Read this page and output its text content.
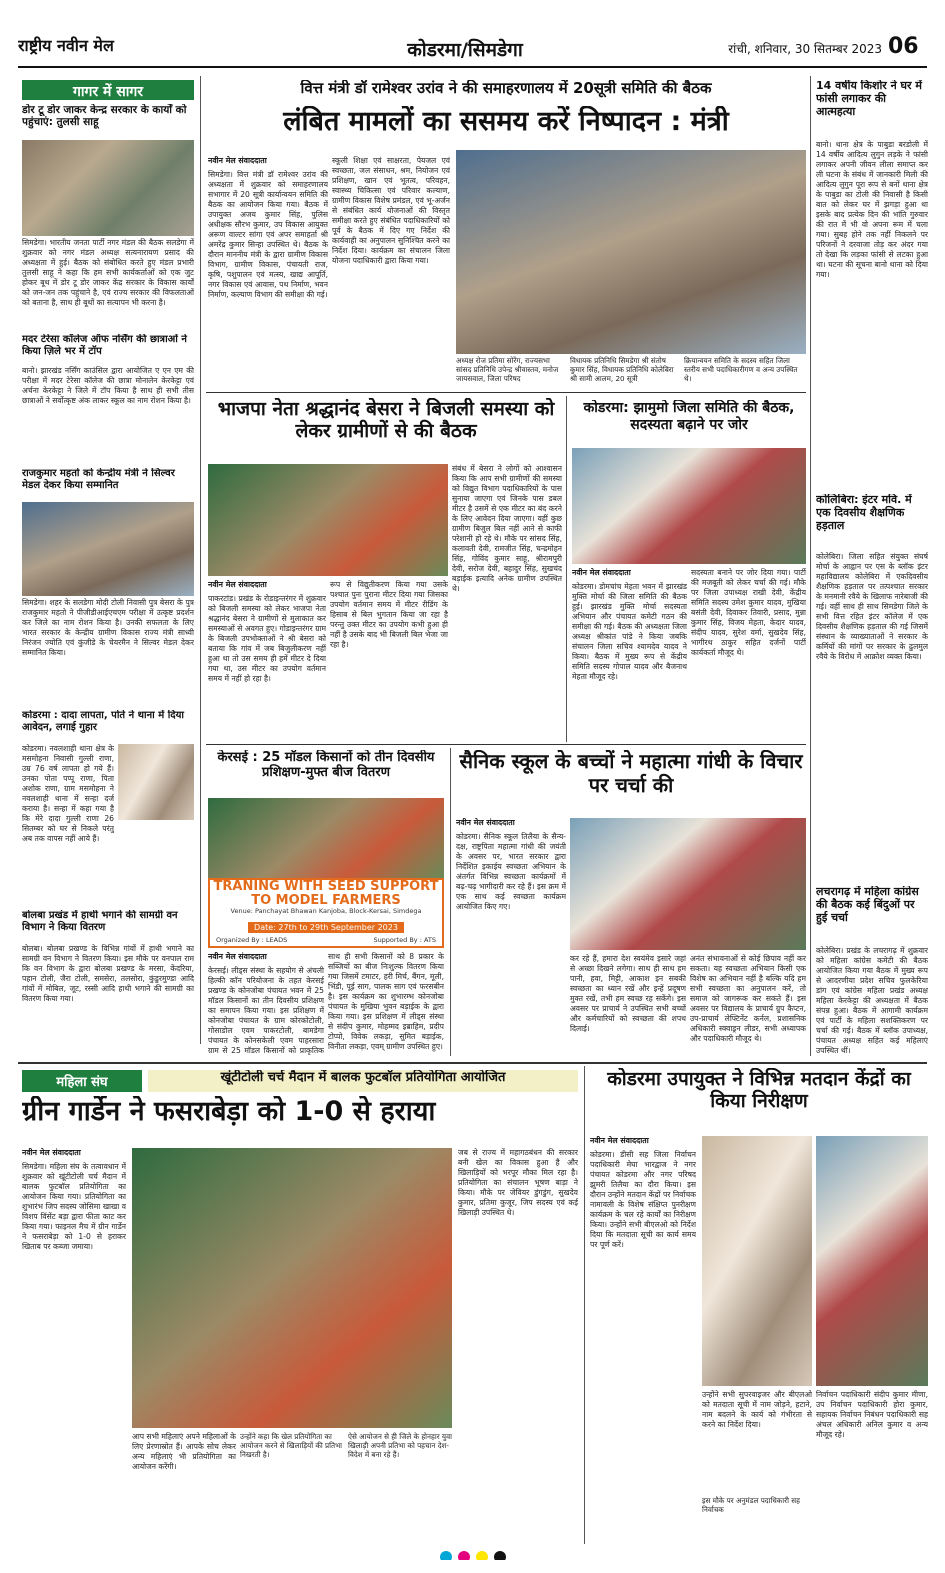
राष्ट्रीय नवीन मेल	कोडरमा/सिमडेगा	रांची, शनिवार, 30 सितम्बर 2023 06
गागर में सागर
डोर टू डोर जाकर केन्द्र सरकार के कार्यों को पहुंचाएं: तुलसी साहू
सिमडेगा। भारतीय जनता पार्टी नगर मंडल की बैठक सलडेगा में शुक्रवार को नगर मंडल अध्यक्ष सत्यनारायण प्रसाद की अध्यक्षता में हुई। बैठक को संबोधित करते हुए मंडल प्रभारी तुलसी साहू ने कहा कि हम सभी कार्यकर्ताओं को एक जुट होकर बूथ में डोर टू डोर जाकर केंद्र सरकार के विकास कार्यों को जन-जन तक पहुंचाने है, एवं राज्य सरकार की विफलताओं को बताना है, साथ ही बूथों का सत्यापन भी करना है।
मदर टेरेसा कॉलेज ऑफ नर्सिंग की छात्राओं ने किया ज़िले भर में टॉप
बानो। झारखंड नर्सिंग काउंसिल द्वारा आयोजित ए एन एम की परीक्षा में मदर टेरेसा कॉलेज की छात्रा मोनालेन केरकेट्टा एवं अर्चना केरकेट्टा ने जिले में टॉप किया है साथ ही सभी तीस छात्राओं ने सर्वोत्कृष्ट अंक लाकर स्कूल का नाम रोशन किया है।
राजकुमार महतो को केन्द्रीय मंत्री ने सिल्वर मेडल देकर किया सम्मानित
सिमडेगा। शहर के सलडेगा मोदी टोली निवासी पुत्र बेसरा के पुत्र राजकुमार महतो ने पीजीडीआईएचएम परीक्षा में उत्कृष्ट प्रदर्शन कर जिले का नाम रोशन किया है। उनकी सफलता के लिए भारत सरकार के केन्द्रीय ग्रामीण विकास राज्य मंत्री साध्वी निरंजन ज्योति एवं कुंजीडे के चेयरमैन ने सिल्वर मेडल देकर सम्मानित किया।
कोडरमा : दादा लापता, पोते ने थाना में दिया आवेदन, लगाई गुहार
कोडरमा। नवलशाही थाना क्षेत्र के मसमोहना निवासी गुल्ली राणा, उम्र 76 वर्ष लापता हो गये हैं। उनका पोता पप्पू राणा, पिता अशोक राणा, ग्राम मसमोहना ने नवलशाही थाना में सन्हा दर्ज कराया है। सन्हा में कहा गया है कि मेरे दादा गुल्ली राणा 26 सितम्बर को घर से निकले परंतु अब तक वापस नहीं आये हैं।
बोलबा प्रखंड में हाथी भगाने की सामग्री वन विभाग ने किया वितरण
बोलबा। बोलबा प्रखण्ड के विभिन्न गांवों में हाथी भगाने का सामग्री वन विभाग ने वितरण किया। इस मौके पर वनपाल राम कि वन विभाग के द्वारा बोलबा प्रखण्ड के मरसा, केंदरिया, पहान टोली, जैरा टोली, समसेरा, तलसोरा, कुंडुरमुण्डा आदि गांवों में मोबिल, जूट, रस्सी आदि हाथी भगाने की सामग्री का वितरण किया गया।
वित्त मंत्री डॉ रामेश्वर उरांव ने की समाहरणालय में 20सूत्री समिति की बैठक
लंबित मामलों का ससमय करें निष्पादन : मंत्री
नवीन मेल संवाददाता
सिमडेगा। वित्त मंत्री डॉ रामेश्वर उरांव की अध्यक्षता में शुक्रवार को समाहरणालय सभागार में 20 सूत्री कार्यान्वयन समिति की बैठक का आयोजन किया गया। बैठक में उपायुक्त अजय कुमार सिंह, पुलिस अधीक्षक सौरभ कुमार, उप विकास आयुक्त अरूण वाल्टर सांगा एवं अपर समाहर्ता श्री अमरेंद्र कुमार सिन्हा उपस्थित थे। बैठक के दौरान माननीय मंत्री के द्वारा ग्रामीण विकास विभाग, ग्रामीण विकास, पंचायती राज, कृषि, पशुपालन एवं मत्स्य, खाद्य आपूर्ति, नगर विकास एवं आवास, पथ निर्माण, भवन निर्माण, कल्याण विभाग की समीक्षा की गई।
स्कूली शिक्षा एवं साक्षरता, पेयजल एवं स्वच्छता, जल संसाधन, श्रम, नियोजन एवं प्रशिक्षण, खान एवं भूतत्व, परिवहन, स्वास्थ्य चिकित्सा एवं परिवार कल्याण, ग्रामीण विकास विशेष प्रमंडल, एवं भू-अर्जन से संबंधित कार्य योजनाओं की विस्तृत समीक्षा करते हुए संबंधित पदाधिकारियों को पूर्व के बैठक में दिए गए निर्देश की कार्यवाही का अनुपालन सुनिश्चित करने का निर्देश दिया। कार्यक्रम का संचालन जिला योजना पदाधिकारी द्वारा किया गया।
अध्यक्ष रोज प्रतिमा सोरेंग, राज्यसभा सांसद प्रतिनिधि उपेन्द्र श्रीवास्तव, मनोज जायसवाल, जिला परिषद
विधायक प्रतिनिधि सिमडेगा श्री संतोष कुमार सिंह, विधायक प्रतिनिधि कोलेबिरा श्री सामी आलम, 20 सूत्री
क्रियान्वयन समिति के सदस्य सहित जिला स्तरीय सभी पदाधिकारीगण व अन्य उपस्थित थे।
भाजपा नेता श्रद्धानंद बेसरा ने बिजली समस्या को लेकर ग्रामीणों से की बैठक
संबंध में बेसरा ने लोगों को आश्वासन किया कि आप सभी ग्रामीणों की समस्या को विद्युत विभाग पदाधिकारियों के पास सुनाया जाएगा एवं जिनके पास डबल मीटर है उसमें से एक मीटर का बंद करने के लिए आवेदन दिया जाएगा। वहीं कुछ ग्रामीण बिजुल बिल नहीं आने से काफी परेशानी हो रहे थे। मौके पर सांसद सिंह, कलावती देवी, रामजीत सिंह, चन्द्रमोहन सिंह, गोविंद कुमार साहू, श्रीरामपुरी देवी, सरोज देवी, बहादुर सिंह, सुखचंद बड़ाईक इत्यादि अनेक ग्रामीण उपस्थित थे।
नवीन मेल संवाददाता
पाकरटांड। प्रखंड के रोडाइन्तरंगर में शुक्रवार को बिजली समस्या को लेकर भाजपा नेता श्रद्धानंद बेसरा ने ग्रामीणों से मुलाकात कर समस्याओं से अवगत हुए। गोडाइन्तरंगर ग्राम के बिजली उपभोक्ताओं ने श्री बेसरा को बताया कि गांव में जब बिजुलीकरण नहीं हुआ था तो उस समय ही हमें मीटर दे दिया गया था, उस मीटर का उपयोग वर्तमान समय में नहीं हो रहा है।
रूप से विद्युतीकरण किया गया उसके पश्चात पुनः पुराना मीटर दिया गया जिसका उपयोग वर्तमान समय में मीटर रीडिंग के हिसाब से बिल भुगतान किया जा रहा है परन्तु उक्त मीटर का उपयोग कभी हुआ ही नहीं है उसके बाद भी बिजली बिल भेजा जा रहा है।
कोडरमा: झामुमो जिला समिति की बैठक, सदस्यता बढ़ाने पर जोर
नवीन मेल संवाददाता
कोडरमा। डोमचांच मेहता भवन में झारखंड मुक्ति मोर्चा की जिला समिति की बैठक हुई। झारखंड मुक्ति मोर्चा सदस्यता अभियान और पंचायत कमेटी गठन की समीक्षा की गई। बैठक की अध्यक्षता जिला अध्यक्ष श्रीकांत पांडे ने किया जबकि संचालन जिला सचिव श्यामदेव यादव ने किया। बैठक में मुख्य रूप से केंद्रीय समिति सदस्य गोपाल यादव और बैजनाथ मेहता मौजूद रहे।
सदस्यता बनाने पर जोर दिया गया। पार्टी की मजबूती को लेकर चर्चा की गई। मौके पर जिला उपाध्यक्ष राखी देवी, केंद्रीय समिति सदस्य उमेश कुमार यादव, मुखिया बसंती देवी, दिवाकर तिवारी, प्रसाद, मुन्ना कुमार सिंह, विजय मेहता, केदार यादव, संदीप यादव, सुरेश वर्मा, सुखदेव सिंह, भागीरथ ठाकुर सहित दर्जनों पार्टी कार्यकर्ता मौजूद थे।
केरसई : 25 मॉडल किसानों को तीन दिवसीय प्रशिक्षण-मुफ्त बीज वितरण
TRANING WITH SEED SUPPORT TO MODEL FARMERS
Venue: Panchayat Bhawan Kanjoba, Block-Kersai, Simdega
Date: 27th to 29th September 2023
Organized By : LEADS	Supported By : ATS
नवीन मेल संवाददाता
केरसई। लीड्स संस्था के सहयोग से अंचली हिल्की कॉन परियोजना के तहत केरसई प्रखण्ड के कोनजोबा पंचायत भवन में 25 मॉडल किसानों का तीन दिवसीय प्रशिक्षण का समापन किया गया। इस प्रशिक्षण में कोनजोबा पंचायत के ग्राम कोरकोटोली, गोसाडोल एवम पाकरटोली, बामडेगा पंचायत के कोनसकेली एवम पाहरसारा ग्राम से 25 मॉडल किसानों को प्राकृतिक
साथ ही सभी किसानों को 8 प्रकार के सब्जियों का बीज निःशुल्क वितरण किया गया जिसमें टमाटर, हरी मिर्च, बैंगन, मूली, भिंडी, पूई साग, पालक साग एवं फरसबीन है। इस कार्यक्रम का शुभारम्भ कोनजोबा पंचायत के मुखिया भुवन बड़ाईक के द्वारा किया गया। इस प्रशिक्षण में लीड्स संस्था से संदीप कुमार, मोहम्मद इब्राहिम, प्रदीप टोप्पो, विवेक लकड़ा, सुमित बड़ाईक, विनीता लकड़ा, एवम् ग्रामीण उपस्थित हुए।
सैनिक स्कूल के बच्चों ने महात्मा गांधी के विचार पर चर्चा की
नवीन मेल संवाददाता
कोडरमा। सैनिक स्कूल तिलैया के सैन्य-दक्ष, राष्ट्रपिता महात्मा गांधी की जयंती के अवसर पर, भारत सरकार द्वारा निर्देशित इकाईय स्वच्छता अभियान के अंतर्गत विभिन्न स्वच्छता कार्यक्रमों में बढ़-चढ़ भागीदारी कर रहे हैं। इस क्रम में एक साथ कई स्वच्छता कार्यक्रम आयोजित किए गए।
कर रहे हैं, हमारा देश स्वयंमेव इसारे जहां से अच्छा दिखने लगेगा। साथ ही साथ हम पानी, हवा, मिट्टी, आकाश इन सबकी स्वच्छता का ध्यान रखें और इन्हें प्रदूषण मुक्त रखें, तभी हम स्वच्छ रह सकेंगे। इस अवसर पर प्राचार्य ने उपस्थित सभी बच्चों और कर्मचारियों को स्वच्छता की शपथ दिलाई।
अनंत संभावनाओं से कोई छिपाव नहीं कर सकता। यह स्वच्छता अभियान किसी एक विशेष का अभियान नहीं है बल्कि यदि हम सभी स्वच्छता का अनुपालन करें, तो समाज को जागरूक कर सकते हैं। इस अवसर पर विद्यालय के प्राचार्य ग्रुप कैप्टन, उप-प्राचार्य लेफ्टिनेंट कर्नल, प्रशासनिक अधिकारी स्क्वाड्रन लीडर, सभी अध्यापक और पदाधिकारी मौजूद थे।
14 वर्षीय किशोर ने घर में फांसी लगाकर की आत्महत्या
बानो। थाना क्षेत्र के पाबुडा बरडोली में 14 वर्षीय आदित्य लुगुन लड़के ने फांसी लगाकर अपनी जीवन लीला समाप्त कर ली घटना के संबंध में जानकारी मिली की आदित्य लुगुन पूरा रूप से बनों थाना क्षेत्र के पाबुडा का टोली की निवासी है किसी बात को लेकर घर में झगड़ा हुआ था इसके बाद प्रत्येक दिन की भांति गुरुवार की रात में भी वो अपना रूम में चला गया। सुबह होने तक नहीं निकलने पर परिजनों ने दरवाजा तोड़ कर अंदर गया तो देखा कि लड़का फांसी से लटका हुआ था। घटना की सूचना बानो थाना को दिया गया।
कोलिबिरा: इंटर मवि. में एक दिवसीय शैक्षणिक हड़ताल
कोलेबिरा। जिला सहित संयुक्त संघर्ष मोर्चा के आह्वान पर एस के ब्लॉक इंटर महाविद्यालय कोलेबिरा में एकदिवसीय शैक्षणिक हड़ताल पर तत्पश्चात सरकार के मनमानी रवैये के खिलाफ नारेबाजी की गई। वहीं साथ ही साथ सिमडेगा जिले के सभी वित्त रहित इंटर कॉलेज में एक दिवसीय शैक्षणिक हड़ताल की गई जिसमें संस्थान के व्याख्याताओं ने सरकार के कर्मियों की मांगों पर सरकार के ढुलमुल रवैये के विरोध में आक्रोश व्यक्त किया।
लचरागढ़ में महिला कांग्रेस की बैठक कई बिंदुओं पर हुई चर्चा
कोलेबिरा। प्रखंड के लचरागढ़ में शुक्रवार को महिला कांग्रेस कमेटी की बैठक आयोजित किया गया बैठक में मुख्य रूप से आदरणीया प्रदेश सचिव फुलकेरिया डांग एवं कांग्रेस महिला प्रखंड अध्यक्ष महिला केरकेट्टा की अध्यक्षता में बैठक संपन्न हुआ। बैठक में आगामी कार्यक्रम एवं पार्टी के महिला सशक्तिकरण पर चर्चा की गई। बैठक में ब्लॉक उपाध्यक्ष, पंचायत अध्यक्ष सहित कई महिलाएं उपस्थित थीं।
महिला संघ	खूंटीटोली चर्च मैदान में बालक फुटबॉल प्रतियोगिता आयोजित
ग्रीन गार्डेन ने फसराबेड़ा को 1-0 से हराया
नवीन मेल संवाददाता
सिमडेगा। महिला संघ के तत्वावधान में शुक्रवार को खूंटीटोली चर्च मैदान में बालक फुटबॉल प्रतियोगिता का आयोजन किया गया। प्रतियोगिता का शुभारंभ जिप सदस्य जोसिमा खाखा व विशप विंसेंट बड़ा द्वारा फीता काट कर किया गया। फाइनल मैच में ग्रीन गार्डेन ने फसराबेड़ा को 1-0 से हराकर खिताब पर कब्जा जमाया।
आप सभी महिलाएं अपने महिलाओं के लिए प्रेरणास्रोत हैं। आपके सोच लेकर अन्य महिलाएं भी प्रतियोगिता का आयोजन करेंगी।
उन्होंने कहा कि खेल प्रतियोगिता का आयोजन करने से खिलाड़ियों की प्रतिभा निखरती है।
ऐसे आयोजन से ही जिले के होनहार युवा खिलाड़ी अपनी प्रतिभा को पहचान देश-विदेश में बना रहे हैं।
जब से राज्य में महागठबंधन की सरकार बनी खेल का विकास हुआ है और खिलाड़ियों को भरपूर मौका मिल रहा है। प्रतियोगिता का संचालन भूषण बाड़ा ने किया। मौके पर जेवियर डुंगडुंग, सुखदेव कुमार, प्रतिमा कुजूर, जिप सदस्य एवं कई खिलाड़ी उपस्थित थे।
कोडरमा उपायुक्त ने विभिन्न मतदान केंद्रों का किया निरीक्षण
नवीन मेल संवाददाता
कोडरमा। डीसी सह जिला निर्वाचन पदाधिकारी मेघा भारद्वाज ने नगर पंचायत कोडरमा और नगर परिषद झुमरी तिलैया का दौरा किया। इस दौरान उन्होंने मतदान केंद्रों पर निर्वाचक नामावली के विशेष संक्षिप्त पुनरीक्षण कार्यक्रम के चल रहे कार्यों का निरीक्षण किया। उन्होंने सभी बीएलओ को निर्देश दिया कि मतदाता सूची का कार्य समय पर पूर्ण करें।
उन्होंने सभी सुपरवाइजर और बीएलओ को मतदाता सूची में नाम जोड़ने, हटाने, नाम बदलने के कार्य को गंभीरता से करने का निर्देश दिया।
इस मौके पर अनुमंडल पदाधिकारी सह निर्वाचक
निर्वाचन पदाधिकारी संदीप कुमार मीणा, उप निर्वाचन पदाधिकारी होरा कुमार, सहायक निर्वाचन निबंधन पदाधिकारी सह अंचल अधिकारी अनिल कुमार व अन्य मौजूद रहे।
